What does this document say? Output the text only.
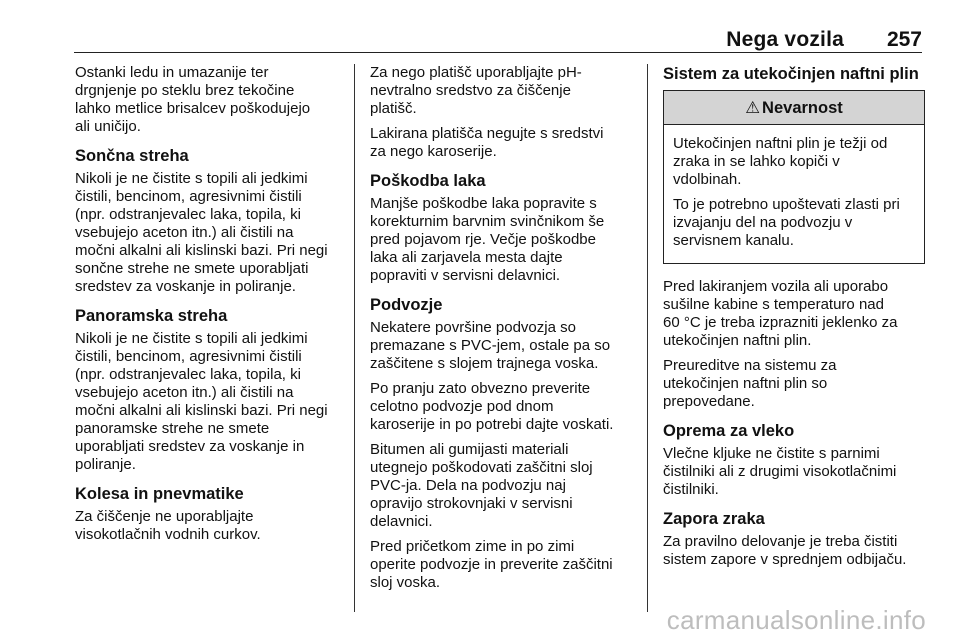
Nega vozila 257

Ostanki ledu in umazanije ter
drgnjenje po steklu brez tekočine
lahko metlice brisalcev poškodujejo
ali uničijo.

Sončna streha

Nikoli je ne čistite s topili ali jedkimi
čistili, bencinom, agresivnimi čistili
(npr. odstranjevalec laka, topila, ki
vsebujejo aceton itn.) ali čistili na
močni alkalni ali kislinski bazi. Pri negi
sončne strehe ne smete uporabljati
sredstev za voskanje in poliranje.

Panoramska streha

Nikoli je ne čistite s topili ali jedkimi
čistili, bencinom, agresivnimi čistili
(npr. odstranjevalec laka, topila, ki
vsebujejo aceton itn.) ali čistili na
močni alkalni ali kislinski bazi. Pri negi
panoramske strehe ne smete
uporabljati sredstev za voskanje in
poliranje.

Kolesa in pnevmatike

Za čiščenje ne uporabljajte
visokotlačnih vodnih curkov.

Za nego platišč uporabljajte pH-
nevtralno sredstvo za čiščenje
platišč.

Lakirana platišča negujte s sredstvi
za nego karoserije.

Poškodba laka

Manjše poškodbe laka popravite s
korekturnim barvnim svinčnikom še
pred pojavom rje. Večje poškodbe
laka ali zarjavela mesta dajte
popraviti v servisni delavnici.

Podvozje

Nekatere površine podvozja so
premazane s PVC-jem, ostale pa so
zaščitene s slojem trajnega voska.

Po pranju zato obvezno preverite
celotno podvozje pod dnom
karoserije in po potrebi dajte voskati.

Bitumen ali gumijasti materiali
utegnejo poškodovati zaščitni sloj
PVC-ja. Dela na podvozju naj
opravijo strokovnjaki v servisni
delavnici.

Pred pričetkom zime in po zimi
operite podvozje in preverite zaščitni
sloj voska.

Sistem za utekočinjen naftni plin
⚠ Nevarnost

Utekočinjen naftni plin je težji od
zraka in se lahko kopiči v
vdolbinah.

To je potrebno upoštevati zlasti pri
izvajanju del na podvozju v
servisnem kanalu.

Pred lakiranjem vozila ali uporabo
sušilne kabine s temperaturo nad
60 °C je treba izprazniti jeklenko za
utekočinjen naftni plin.

Preureditve na sistemu za
utekočinjen naftni plin so
prepovedane.

Oprema za vleko

Vlečne kljuke ne čistite s parnimi
čistilniki ali z drugimi visokotlačnimi
čistilniki.

Zapora zraka

Za pravilno delovanje je treba čistiti
sistem zapore v sprednjem odbijaču.

carmanualsonline.info
